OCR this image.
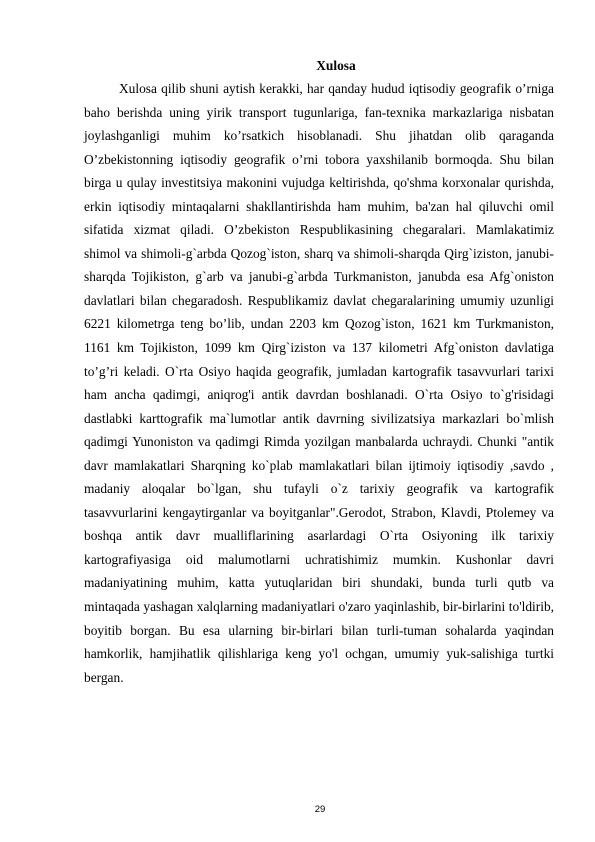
Xulosa

Xulosa qilib shuni aytish kerakki, har qanday hudud iqtisodiy geografik o’rniga baho berishda uning yirik transport tugunlariga, fan-texnika markazlariga nisbatan joylashganligi muhim ko’rsatkich hisoblanadi. Shu jihatdan olib qaraganda O’zbekistonning iqtisodiy geografik o’rni tobora yaxshilanib bormoqda. Shu bilan birga u qulay investitsiya makonini vujudga keltirishda, qo'shma korxonalar qurishda, erkin iqtisodiy mintaqalarni shakllantirishda ham muhim, ba'zan hal qiluvchi omil sifatida xizmat qiladi. O’zbekiston Respublikasining chegaralari. Mamlakatimiz shimol va shimoli-g`arbda Qozog`iston, sharq va shimoli-sharqda Qirg`iziston, janubi-sharqda Tojikiston, g`arb va janubi-g`arbda Turkmaniston, janubda esa Afg`oniston davlatlari bilan chegaradosh. Respublikamiz davlat chegaralarining umumiy uzunligi 6221 kilometrga teng bo’lib, undan 2203 km Qozog`iston, 1621 km Turkmaniston, 1161 km Tojikiston, 1099 km Qirg`iziston va 137 kilometri Afg`oniston davlatiga to’g’ri keladi. O`rta Osiyo haqida geografik, jumladan kartografik tasavvurlari tarixi ham ancha qadimgi, aniqrog'i antik davrdan boshlanadi. O`rta Osiyo to`g'risidagi dastlabki karttografik ma`lumotlar antik davrning sivilizatsiya markazlari bo`mlish qadimgi Yunoniston va qadimgi Rimda yozilgan manbalarda uchraydi. Chunki "antik davr mamlakatlari Sharqning ko`plab mamlakatlari bilan ijtimoiy iqtisodiy ,savdo , madaniy aloqalar bo`lgan, shu tufayli o`z tarixiy geografik va kartografik tasavvurlarini kengaytirganlar va boyitganlar".Gerodot, Strabon, Klavdi, Ptolemey va boshqa antik davr mualliflarining asarlardagi O`rta Osiyoning ilk tarixiy kartografiyasiga oid malumotlarni uchratishimiz mumkin. Kushonlar davri madaniyatining muhim, katta yutuqlaridan biri shundaki, bunda turli qutb va mintaqada yashagan xalqlarning madaniyatlari o'zaro yaqinlashib, bir-birlarini to'ldirib, boyitib borgan. Bu esa ularning bir-birlari bilan turli-tuman sohalarda yaqindan hamkorlik, hamjihatlik qilishlariga keng yo'l ochgan, umumiy yuk-salishiga turtki bergan.

29
